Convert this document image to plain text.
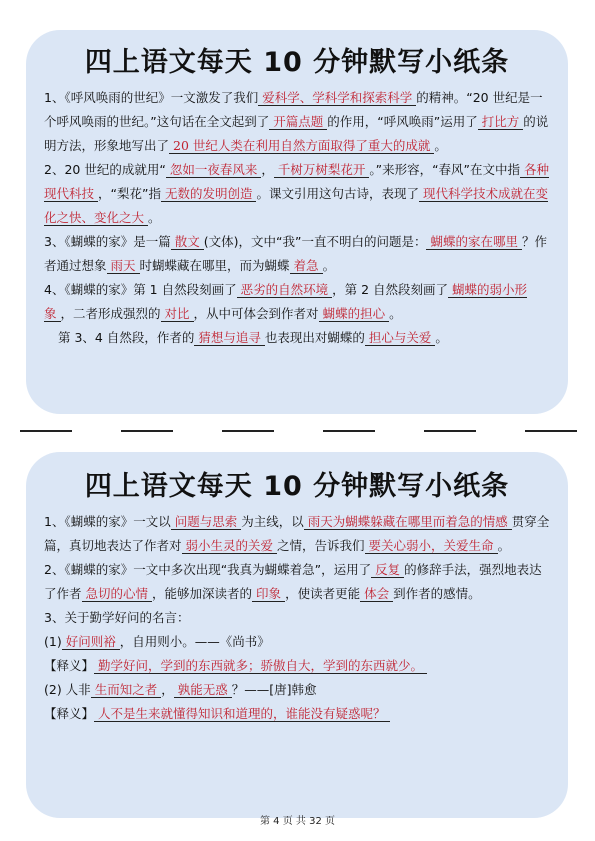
四上语文每天 10 分钟默写小纸条

1、《呼风唤雨的世纪》一文激发了我们 爱科学、学科学和探索科学 的精神。“20 世纪是一个呼风唤雨的世纪。”这句话在全文起到了 开篇点题 的作用，“呼风唤雨”运用了 打比方 的说明方法，形象地写出了 20 世纪人类在利用自然方面取得了重大的成就 。

2、20 世纪的成就用“ 忽如一夜春风来 ， 千树万树梨花开 。”来形容，“春风”在文中指 各种现代科技 ，“梨花”指 无数的发明创造 。课文引用这句古诗，表现了 现代科学技术成就在变化之快、变化之大 。

3、《蝴蝶的家》是一篇 散文 (文体)，文中“我”一直不明白的问题是： 蝴蝶的家在哪里 ？作者通过想象 雨天 时蝴蝶藏在哪里，而为蝴蝶 着急 。

4、《蝴蝶的家》第 1 自然段刻画了 恶劣的自然环境 ，第 2 自然段刻画了 蝴蝶的弱小形象 ，二者形成强烈的 对比 ，从中可体会到作者对 蝴蝶的担心 。

第 3、4 自然段，作者的 猜想与追寻 也表现出对蝴蝶的 担心与关爱 。

四上语文每天 10 分钟默写小纸条

1、《蝴蝶的家》一文以 问题与思索 为主线，以 雨天为蝴蝶躲藏在哪里而着急的情感 贯穿全篇，真切地表达了作者对 弱小生灵的关爱 之情，告诉我们 要关心弱小，关爱生命 。

2、《蝴蝶的家》一文中多次出现“我真为蝴蝶着急”，运用了 反复 的修辞手法，强烈地表达了作者 急切的心情 ，能够加深读者的 印象 ，使读者更能 体会 到作者的感情。

3、关于勤学好问的名言：

(1) 好问则裕 ，自用则小。——《尚书》

【释义】 勤学好问，学到的东西就多；骄傲自大，学到的东西就少。

(2) 人非 生而知之者 ， 孰能无惑 ？——[唐]韩愈

【释义】 人不是生来就懂得知识和道理的，谁能没有疑惑呢？

第 4 页 共 32 页
